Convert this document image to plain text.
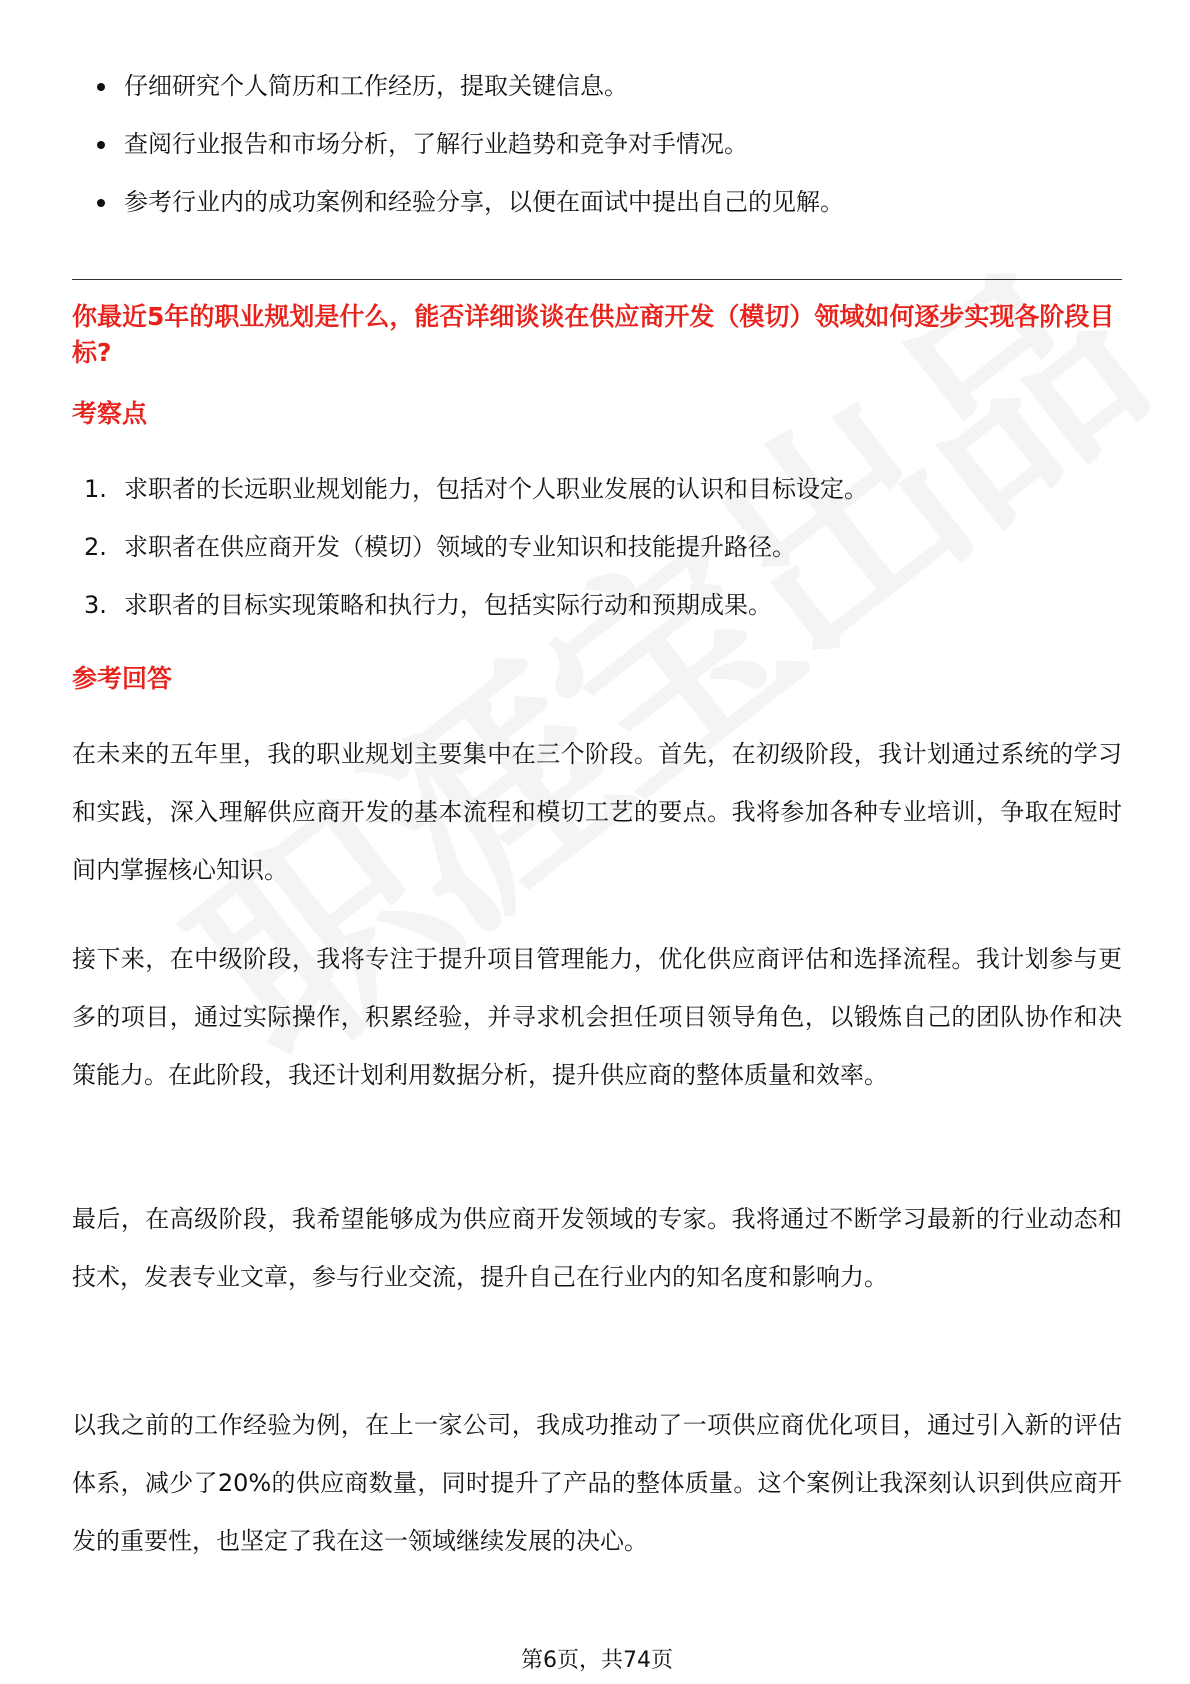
仔细研究个人简历和工作经历，提取关键信息。
查阅行业报告和市场分析，了解行业趋势和竞争对手情况。
参考行业内的成功案例和经验分享，以便在面试中提出自己的见解。
你最近5年的职业规划是什么，能否详细谈谈在供应商开发（模切）领域如何逐步实现各阶段目标?
考察点
1. 求职者的长远职业规划能力，包括对个人职业发展的认识和目标设定。
2. 求职者在供应商开发（模切）领域的专业知识和技能提升路径。
3. 求职者的目标实现策略和执行力，包括实际行动和预期成果。
参考回答
在未来的五年里，我的职业规划主要集中在三个阶段。首先，在初级阶段，我计划通过系统的学习和实践，深入理解供应商开发的基本流程和模切工艺的要点。我将参加各种专业培训，争取在短时间内掌握核心知识。
接下来，在中级阶段，我将专注于提升项目管理能力，优化供应商评估和选择流程。我计划参与更多的项目，通过实际操作，积累经验，并寻求机会担任项目领导角色，以锻炼自己的团队协作和决策能力。在此阶段，我还计划利用数据分析，提升供应商的整体质量和效率。
最后，在高级阶段，我希望能够成为供应商开发领域的专家。我将通过不断学习最新的行业动态和技术，发表专业文章，参与行业交流，提升自己在行业内的知名度和影响力。
以我之前的工作经验为例，在上一家公司，我成功推动了一项供应商优化项目，通过引入新的评估体系，减少了20%的供应商数量，同时提升了产品的整体质量。这个案例让我深刻认识到供应商开发的重要性，也坚定了我在这一领域继续发展的决心。
第6页，共74页
